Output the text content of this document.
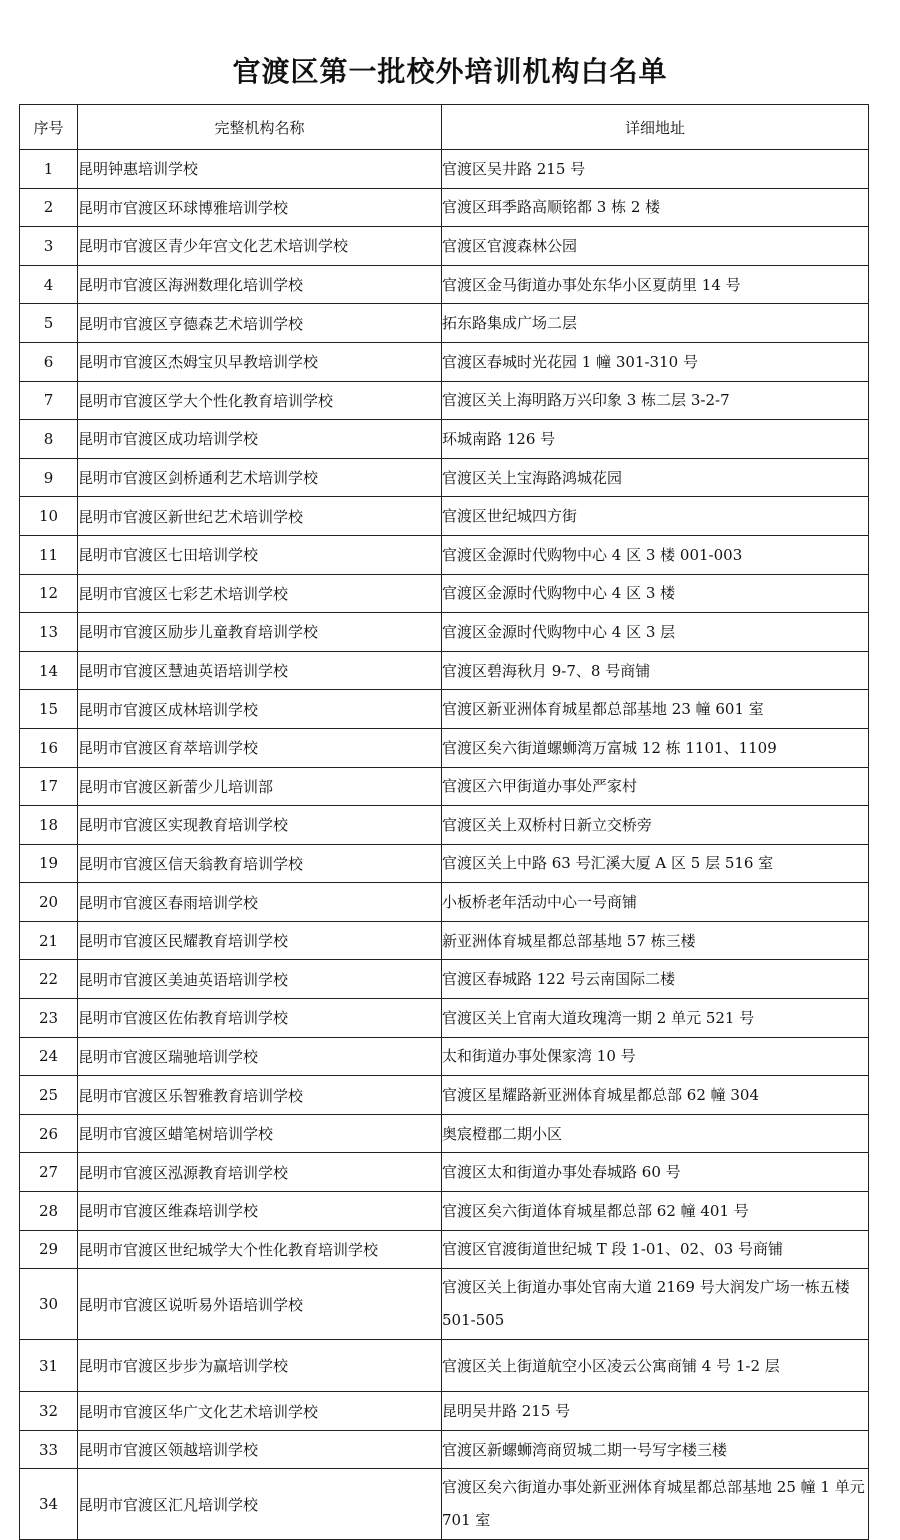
官渡区第一批校外培训机构白名单
序号	完整机构名称	详细地址
1	昆明钟惠培训学校	官渡区吴井路 215 号
2	昆明市官渡区环球博雅培训学校	官渡区珥季路高顺铭都 3 栋 2 楼
3	昆明市官渡区青少年宫文化艺术培训学校	官渡区官渡森林公园
4	昆明市官渡区海洲数理化培训学校	官渡区金马街道办事处东华小区夏荫里 14 号
5	昆明市官渡区亨德森艺术培训学校	拓东路集成广场二层
6	昆明市官渡区杰姆宝贝早教培训学校	官渡区春城时光花园 1 幢 301-310 号
7	昆明市官渡区学大个性化教育培训学校	官渡区关上海明路万兴印象 3 栋二层 3-2-7
8	昆明市官渡区成功培训学校	环城南路 126 号
9	昆明市官渡区剑桥通利艺术培训学校	官渡区关上宝海路鸿城花园
10	昆明市官渡区新世纪艺术培训学校	官渡区世纪城四方街
11	昆明市官渡区七田培训学校	官渡区金源时代购物中心 4 区 3 楼 001-003
12	昆明市官渡区七彩艺术培训学校	官渡区金源时代购物中心 4 区 3 楼
13	昆明市官渡区励步儿童教育培训学校	官渡区金源时代购物中心 4 区 3 层
14	昆明市官渡区慧迪英语培训学校	官渡区碧海秋月 9-7、8 号商铺
15	昆明市官渡区成林培训学校	官渡区新亚洲体育城星都总部基地 23 幢 601 室
16	昆明市官渡区育萃培训学校	官渡区矣六街道螺蛳湾万富城 12 栋 1101、1109
17	昆明市官渡区新蕾少儿培训部	官渡区六甲街道办事处严家村
18	昆明市官渡区实现教育培训学校	官渡区关上双桥村日新立交桥旁
19	昆明市官渡区信天翁教育培训学校	官渡区关上中路 63 号汇溪大厦 A 区 5 层 516 室
20	昆明市官渡区春雨培训学校	小板桥老年活动中心一号商铺
21	昆明市官渡区民耀教育培训学校	新亚洲体育城星都总部基地 57 栋三楼
22	昆明市官渡区美迪英语培训学校	官渡区春城路 122 号云南国际二楼
23	昆明市官渡区佐佑教育培训学校	官渡区关上官南大道玫瑰湾一期 2 单元 521 号
24	昆明市官渡区瑞驰培训学校	太和街道办事处倮家湾 10 号
25	昆明市官渡区乐智雅教育培训学校	官渡区星耀路新亚洲体育城星都总部 62 幢 304
26	昆明市官渡区蜡笔树培训学校	奥宸橙郡二期小区
27	昆明市官渡区泓源教育培训学校	官渡区太和街道办事处春城路 60 号
28	昆明市官渡区维森培训学校	官渡区矣六街道体育城星都总部 62 幢 401 号
29	昆明市官渡区世纪城学大个性化教育培训学校	官渡区官渡街道世纪城 T 段 1-01、02、03 号商铺
30	昆明市官渡区说听易外语培训学校	官渡区关上街道办事处官南大道 2169 号大润发广场一栋五楼 501-505
31	昆明市官渡区步步为赢培训学校	官渡区关上街道航空小区凌云公寓商铺 4 号 1-2 层
32	昆明市官渡区华广文化艺术培训学校	昆明吴井路 215 号
33	昆明市官渡区领越培训学校	官渡区新螺蛳湾商贸城二期一号写字楼三楼
34	昆明市官渡区汇凡培训学校	官渡区矣六街道办事处新亚洲体育城星都总部基地 25 幢 1 单元 701 室
